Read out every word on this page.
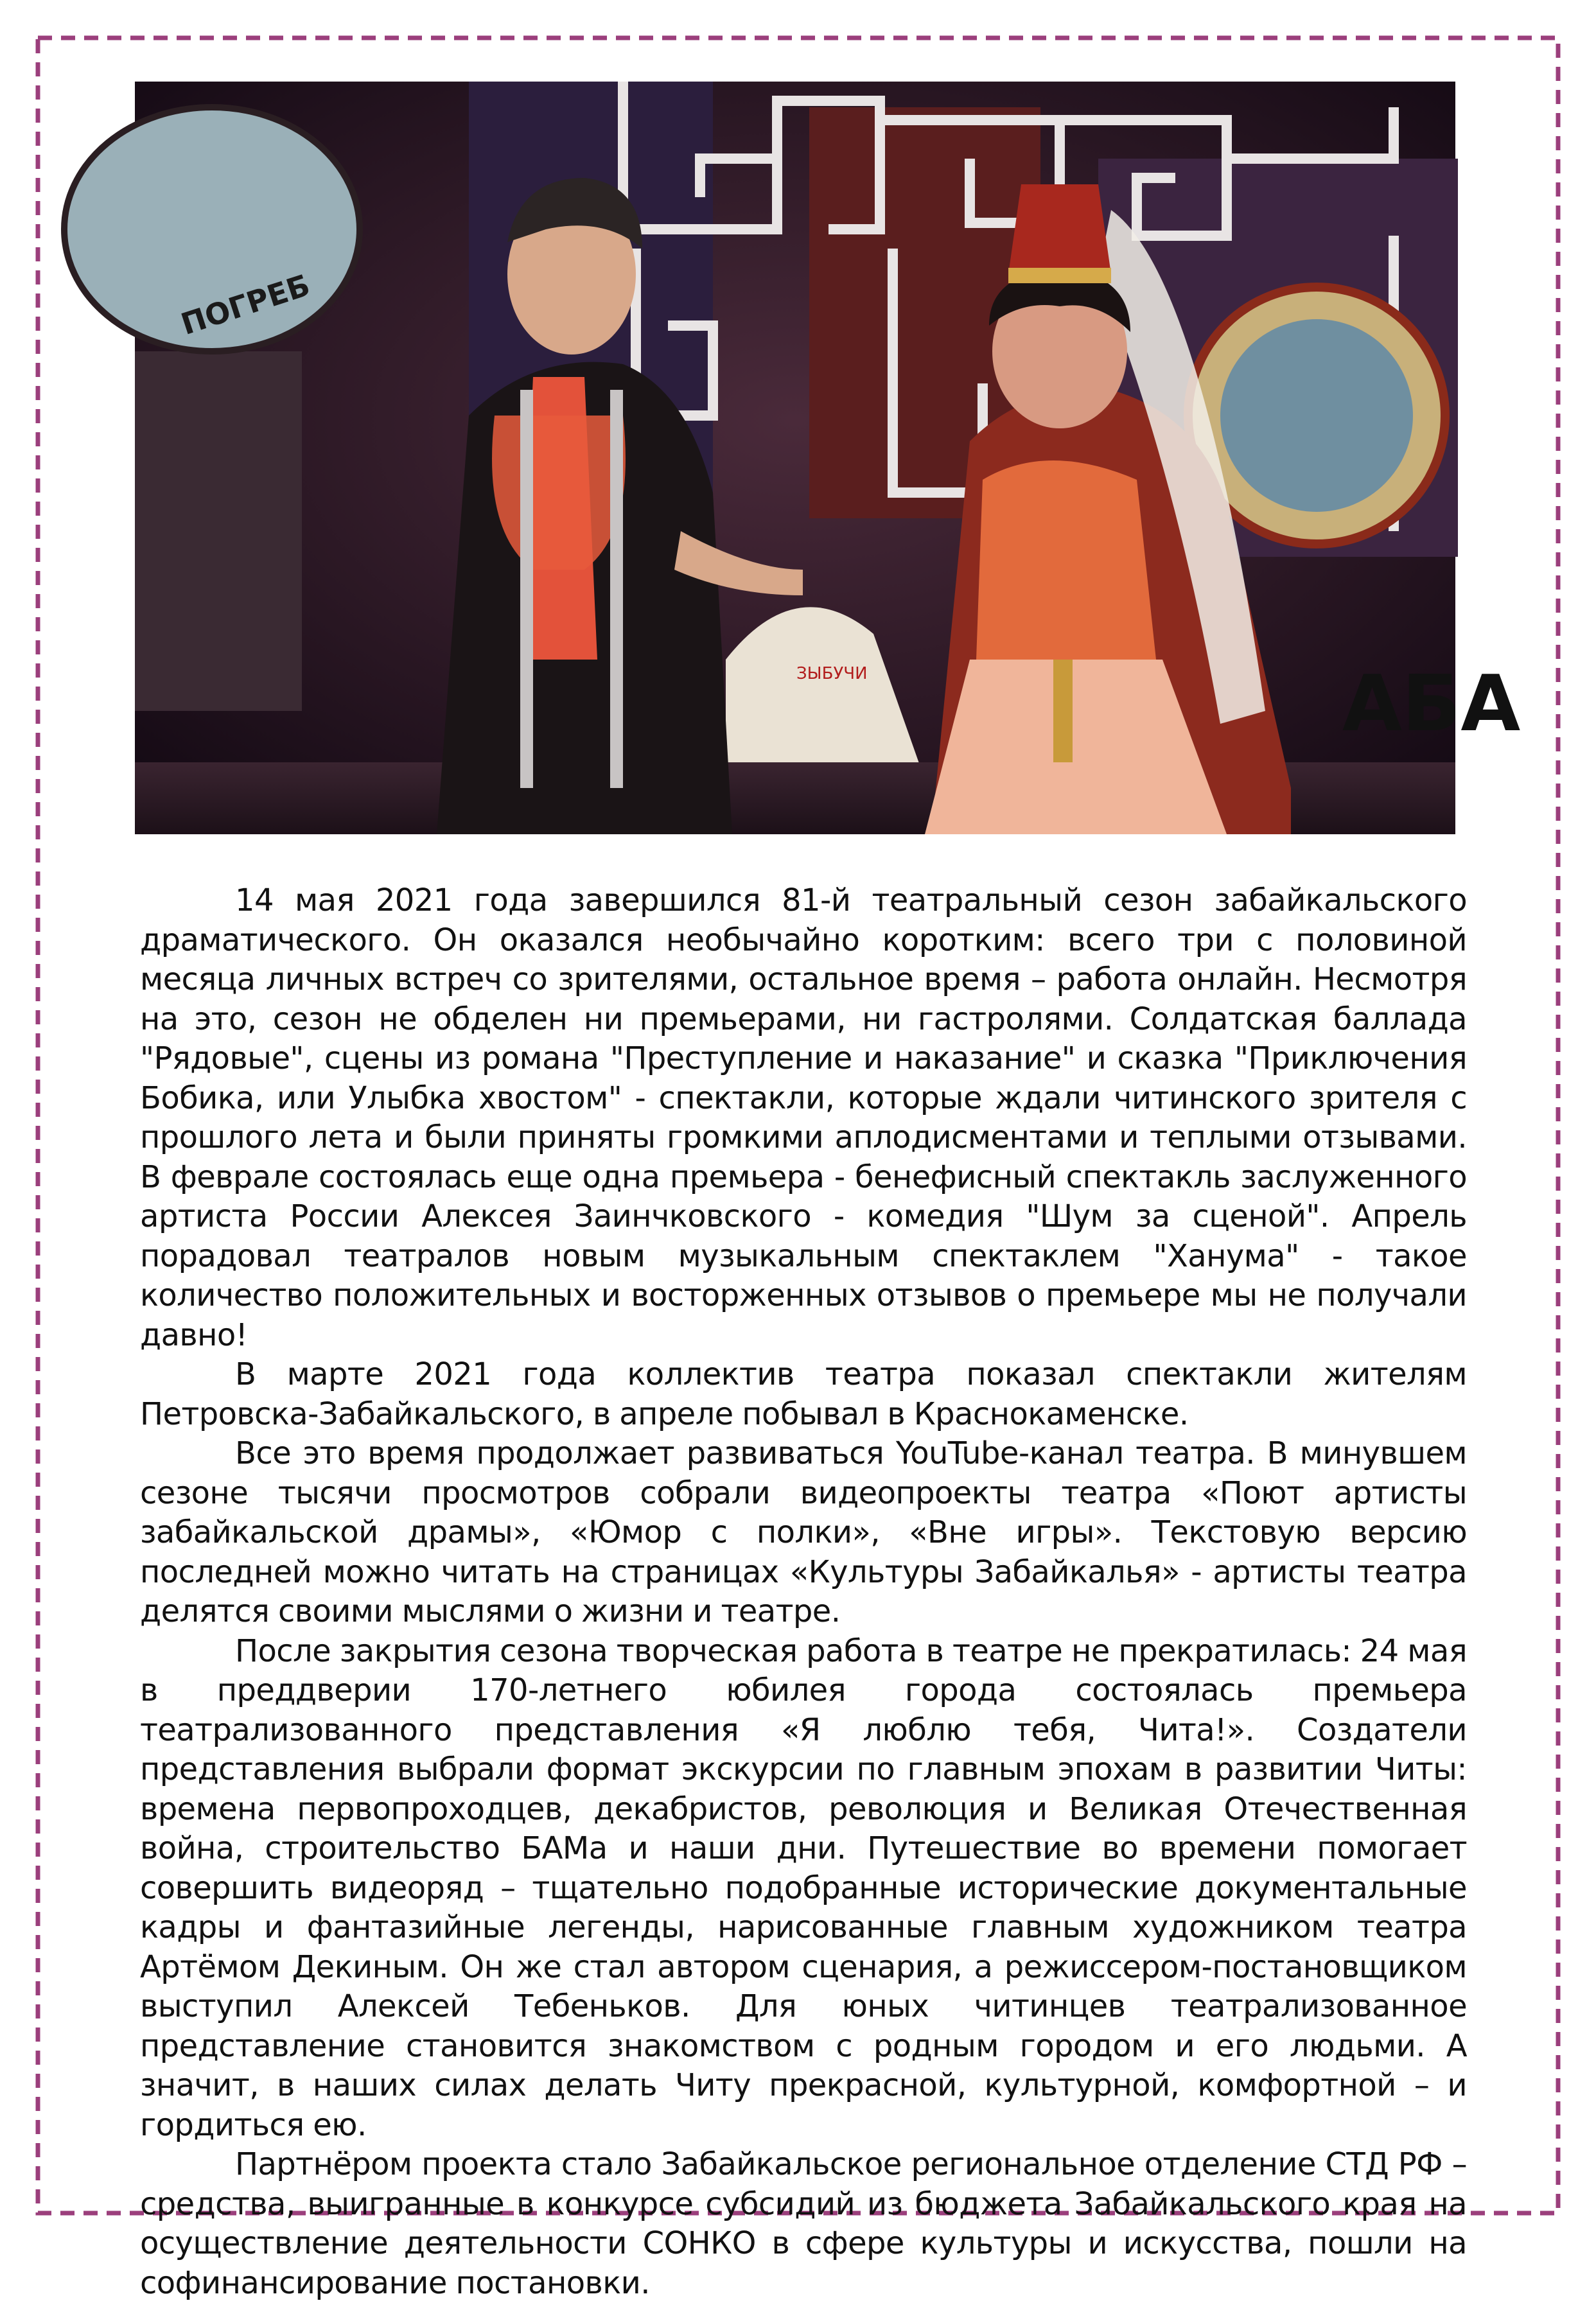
ПОГРЕБ
АБА
ЗЫБУЧИ

14 мая 2021 года завершился 81-й театральный сезон забайкальского драматического. Он оказался необычайно коротким: всего три с половиной месяца личных встреч со зрителями, остальное время – работа онлайн. Несмотря на это, сезон не обделен ни премьерами, ни гастролями. Солдатская баллада "Рядовые", сцены из романа "Преступление и наказание" и сказка "Приключения Бобика, или Улыбка хвостом" - спектакли, которые ждали читинского зрителя с прошлого лета и были приняты громкими аплодисментами и теплыми отзывами. В феврале состоялась еще одна премьера - бенефисный спектакль заслуженного артиста России Алексея Заинчковского - комедия "Шум за сценой". Апрель порадовал театралов новым музыкальным спектаклем "Ханума" - такое количество положительных и восторженных отзывов о премьере мы не получали давно!

В марте 2021 года коллектив театра показал спектакли жителям Петровска-Забайкальского, в апреле побывал в Краснокаменске.

Все это время продолжает развиваться YouTube-канал театра. В минувшем сезоне тысячи просмотров собрали видеопроекты театра «Поют артисты забайкальской драмы», «Юмор с полки», «Вне игры». Текстовую версию последней можно читать на страницах «Культуры Забайкалья» - артисты театра делятся своими мыслями о жизни и театре.

После закрытия сезона творческая работа в театре не прекратилась: 24 мая в преддверии 170-летнего юбилея города состоялась премьера театрализованного представления «Я люблю тебя, Чита!». Создатели представления выбрали формат экскурсии по главным эпохам в развитии Читы: времена первопроходцев, декабристов, революция и Великая Отечественная война, строительство БАМа и наши дни. Путешествие во времени помогает совершить видеоряд – тщательно подобранные исторические документальные кадры и фантазийные легенды, нарисованные главным художником театра Артёмом Декиным. Он же стал автором сценария, а режиссером-постановщиком выступил Алексей Тебеньков. Для юных читинцев театрализованное представление становится знакомством с родным городом и его людьми. А значит, в наших силах делать Читу прекрасной, культурной, комфортной – и гордиться ею.

Партнёром проекта стало Забайкальское региональное отделение СТД РФ – средства, выигранные в конкурсе субсидий из бюджета Забайкальского края на осуществление деятельности СОНКО в сфере культуры и искусства, пошли на софинансирование постановки.
